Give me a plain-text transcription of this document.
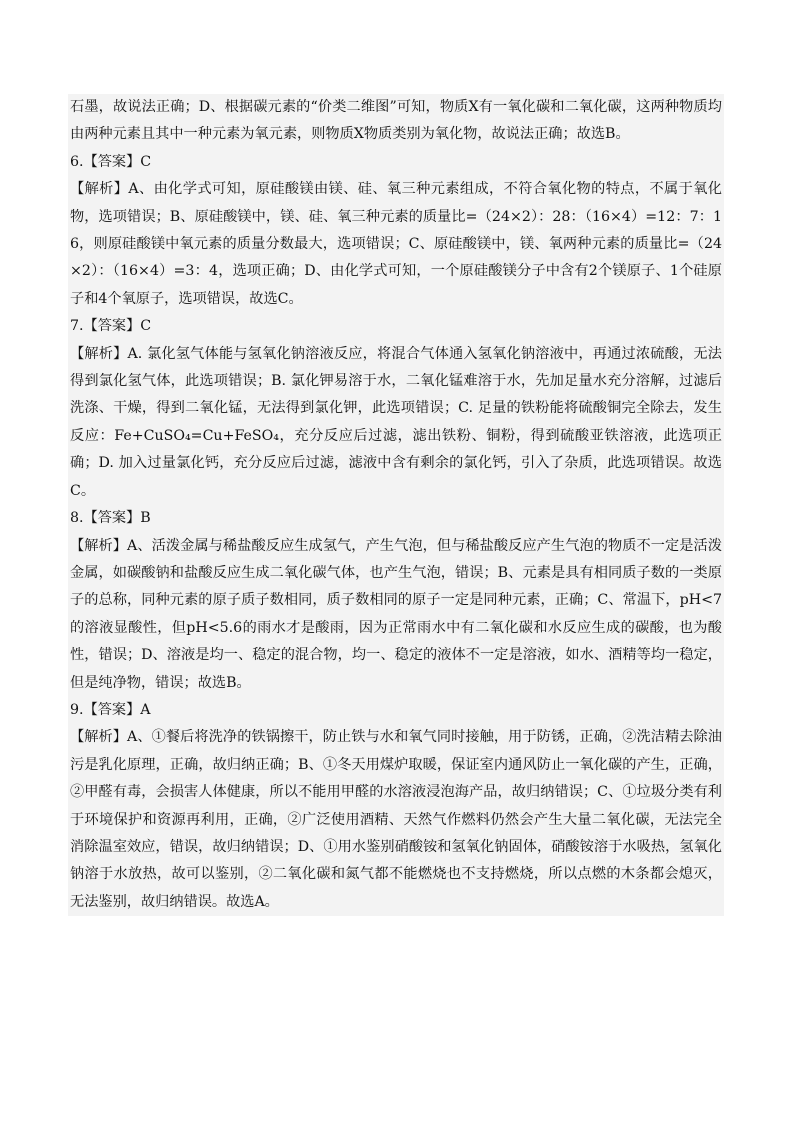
石墨，故说法正确；D、根据碳元素的“价类二维图”可知，物质X有一氧化碳和二氧化碳，这两种物质均由两种元素且其中一种元素为氧元素，则物质X物质类别为氧化物，故说法正确；故选B。

6.【答案】C

【解析】A、由化学式可知，原硅酸镁由镁、硅、氧三种元素组成，不符合氧化物的特点，不属于氧化物，选项错误；B、原硅酸镁中，镁、硅、氧三种元素的质量比=（24×2）：28：（16×4）=12：7：16，则原硅酸镁中氧元素的质量分数最大，选项错误；C、原硅酸镁中，镁、氧两种元素的质量比=（24×2）：（16×4）=3：4，选项正确；D、由化学式可知，一个原硅酸镁分子中含有2个镁原子、1个硅原子和4个氧原子，选项错误，故选C。

7.【答案】C

【解析】A. 氯化氢气体能与氢氧化钠溶液反应，将混合气体通入氢氧化钠溶液中，再通过浓硫酸，无法得到氯化氢气体，此选项错误；B. 氯化钾易溶于水，二氧化锰难溶于水，先加足量水充分溶解，过滤后洗涤、干燥，得到二氧化锰，无法得到氯化钾，此选项错误；C. 足量的铁粉能将硫酸铜完全除去，发生反应：Fe+CuSO₄=Cu+FeSO₄，充分反应后过滤，滤出铁粉、铜粉，得到硫酸亚铁溶液，此选项正确；D. 加入过量氯化钙，充分反应后过滤，滤液中含有剩余的氯化钙，引入了杂质，此选项错误。故选C。

8.【答案】B

【解析】A、活泼金属与稀盐酸反应生成氢气，产生气泡，但与稀盐酸反应产生气泡的物质不一定是活泼金属，如碳酸钠和盐酸反应生成二氧化碳气体，也产生气泡，错误；B、元素是具有相同质子数的一类原子的总称，同种元素的原子质子数相同，质子数相同的原子一定是同种元素，正确；C、常温下，pH<7的溶液显酸性，但pH<5.6的雨水才是酸雨，因为正常雨水中有二氧化碳和水反应生成的碳酸，也为酸性，错误；D、溶液是均一、稳定的混合物，均一、稳定的液体不一定是溶液，如水、酒精等均一稳定，但是纯净物，错误；故选B。

9.【答案】A

【解析】A、①餐后将洗净的铁锅擦干，防止铁与水和氧气同时接触，用于防锈，正确，②洗洁精去除油污是乳化原理，正确，故归纳正确；B、①冬天用煤炉取暖，保证室内通风防止一氧化碳的产生，正确，②甲醛有毒，会损害人体健康，所以不能用甲醛的水溶液浸泡海产品，故归纳错误；C、①垃圾分类有利于环境保护和资源再利用，正确，②广泛使用酒精、天然气作燃料仍然会产生大量二氧化碳，无法完全消除温室效应，错误，故归纳错误；D、①用水鉴别硝酸铵和氢氧化钠固体，硝酸铵溶于水吸热，氢氧化钠溶于水放热，故可以鉴别，②二氧化碳和氮气都不能燃烧也不支持燃烧，所以点燃的木条都会熄灭，无法鉴别，故归纳错误。故选A。
